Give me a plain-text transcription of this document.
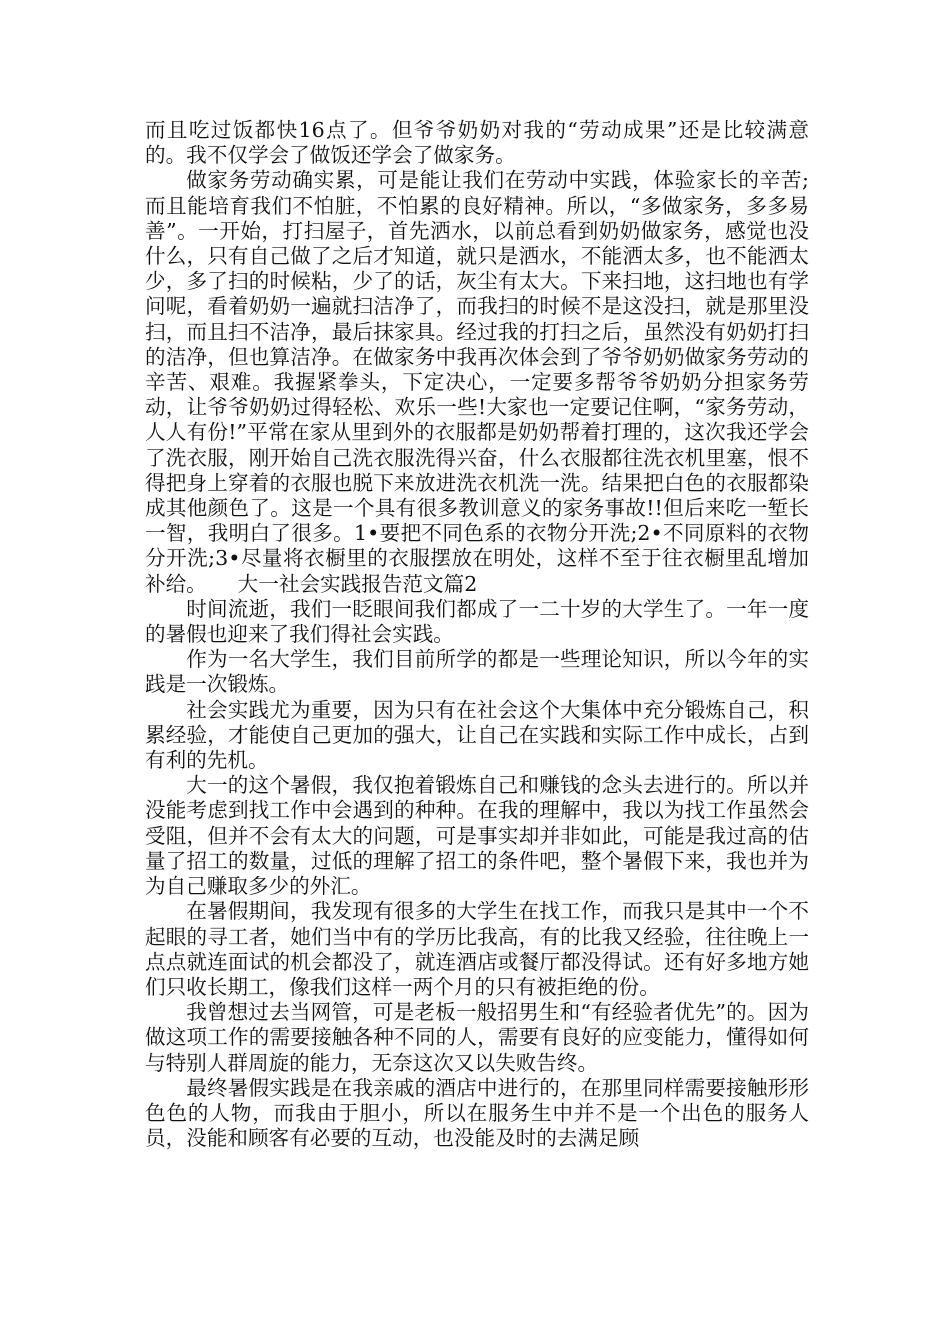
而且吃过饭都快16点了。但爷爷奶奶对我的“劳动成果”还是比较满意的。我不仅学会了做饭还学会了做家务。

做家务劳动确实累，可是能让我们在劳动中实践，体验家长的辛苦;而且能培育我们不怕脏，不怕累的良好精神。所以，“多做家务，多多易善”。一开始，打扫屋子，首先洒水，以前总看到奶奶做家务，感觉也没什么，只有自己做了之后才知道，就只是洒水，不能洒太多，也不能洒太少，多了扫的时候粘，少了的话，灰尘有太大。下来扫地，这扫地也有学问呢，看着奶奶一遍就扫洁净了，而我扫的时候不是这没扫，就是那里没扫，而且扫不洁净，最后抹家具。经过我的打扫之后，虽然没有奶奶打扫的洁净，但也算洁净。在做家务中我再次体会到了爷爷奶奶做家务劳动的辛苦、艰难。我握紧拳头，下定决心，一定要多帮爷爷奶奶分担家务劳动，让爷爷奶奶过得轻松、欢乐一些!大家也一定要记住啊，“家务劳动，人人有份!”平常在家从里到外的衣服都是奶奶帮着打理的，这次我还学会了洗衣服，刚开始自己洗衣服洗得兴奋，什么衣服都往洗衣机里塞，恨不得把身上穿着的衣服也脱下来放进洗衣机洗一洗。结果把白色的衣服都染成其他颜色了。这是一个具有很多教训意义的家务事故!!但后来吃一堑长一智，我明白了很多。1•要把不同色系的衣物分开洗;2•不同原料的衣物分开洗;3•尽量将衣橱里的衣服摆放在明处，这样不至于往衣橱里乱增加补给。　　大一社会实践报告范文篇2

时间流逝，我们一眨眼间我们都成了一二十岁的大学生了。一年一度的暑假也迎来了我们得社会实践。

作为一名大学生，我们目前所学的都是一些理论知识，所以今年的实践是一次锻炼。

社会实践尤为重要，因为只有在社会这个大集体中充分锻炼自己，积累经验，才能使自己更加的强大，让自己在实践和实际工作中成长，占到有利的先机。

大一的这个暑假，我仅抱着锻炼自己和赚钱的念头去进行的。所以并没能考虑到找工作中会遇到的种种。在我的理解中，我以为找工作虽然会受阻，但并不会有太大的问题，可是事实却并非如此，可能是我过高的估量了招工的数量，过低的理解了招工的条件吧，整个暑假下来，我也并为为自己赚取多少的外汇。

在暑假期间，我发现有很多的大学生在找工作，而我只是其中一个不起眼的寻工者，她们当中有的学历比我高，有的比我又经验，往往晚上一点点就连面试的机会都没了，就连酒店或餐厅都没得试。还有好多地方她们只收长期工，像我们这样一两个月的只有被拒绝的份。

我曾想过去当网管，可是老板一般招男生和“有经验者优先”的。因为做这项工作的需要接触各种不同的人，需要有良好的应变能力，懂得如何与特别人群周旋的能力，无奈这次又以失败告终。

最终暑假实践是在我亲戚的酒店中进行的，在那里同样需要接触形形色色的人物，而我由于胆小，所以在服务生中并不是一个出色的服务人员，没能和顾客有必要的互动，也没能及时的去满足顾
